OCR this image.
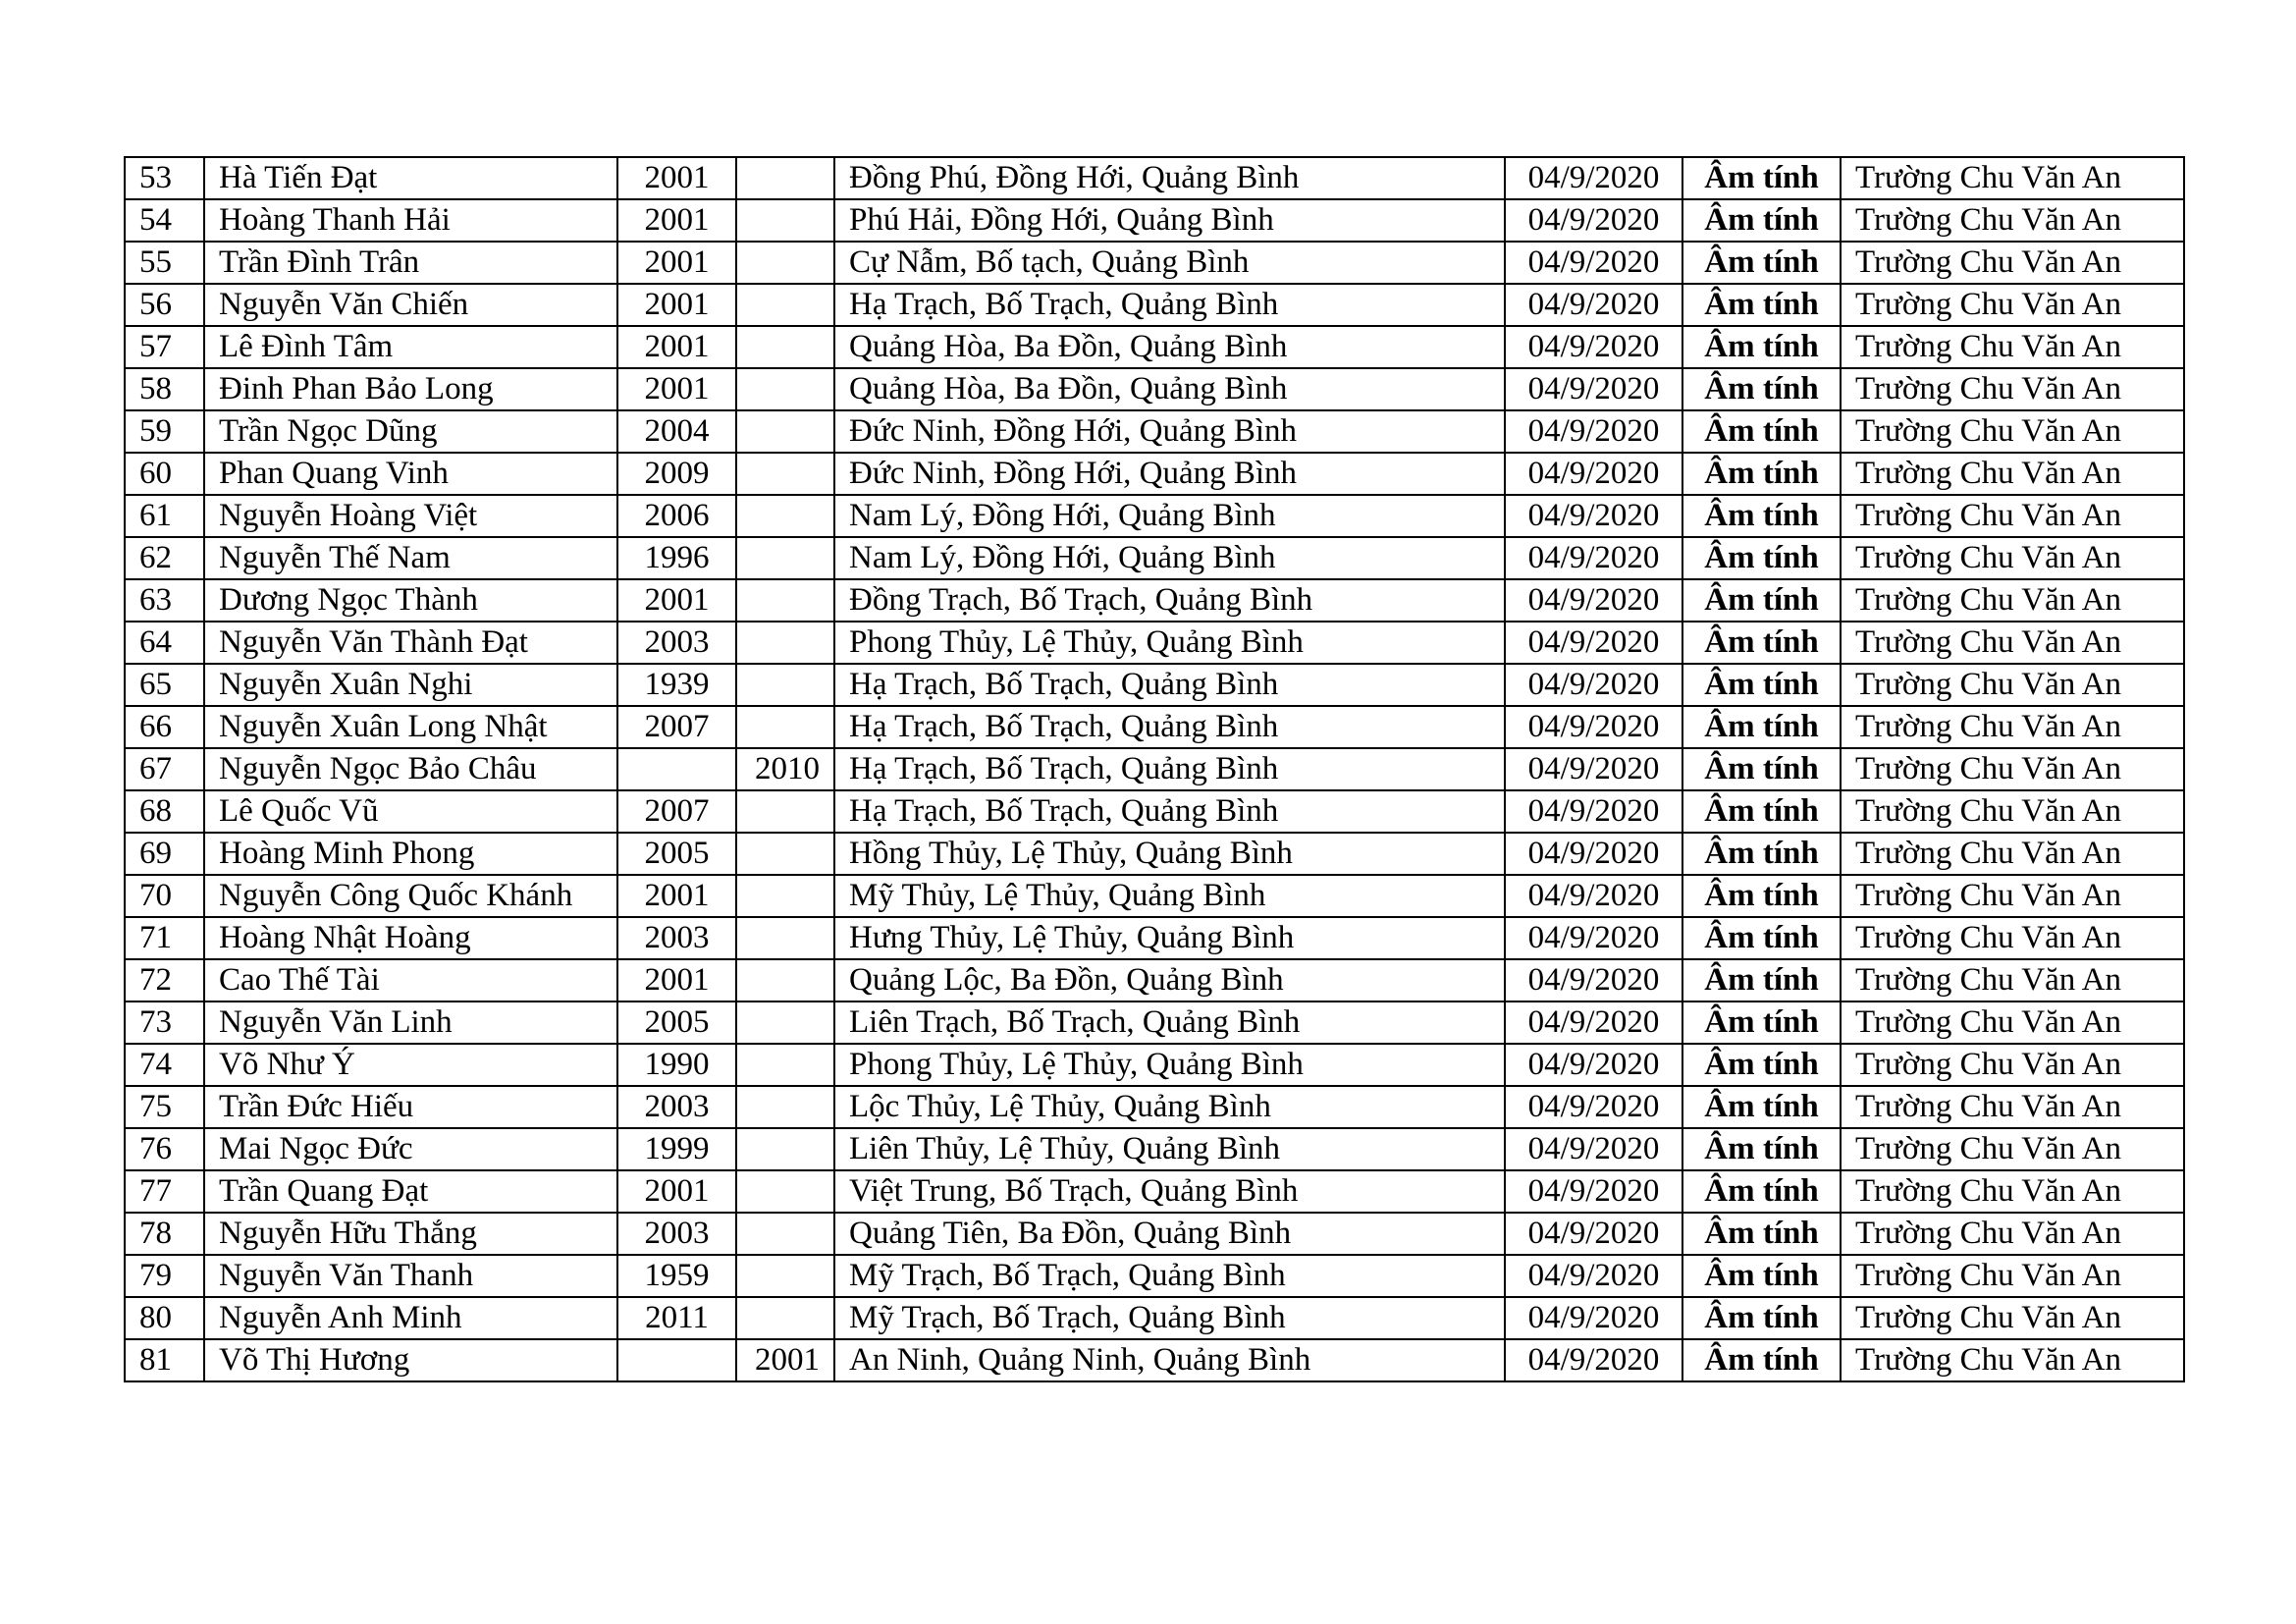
53	Hà Tiến Đạt	2001		Đồng Phú, Đồng Hới, Quảng Bình	04/9/2020	Âm tính	Trường Chu Văn An
54	Hoàng Thanh Hải	2001		Phú Hải, Đồng Hới, Quảng Bình	04/9/2020	Âm tính	Trường Chu Văn An
55	Trần Đình Trân	2001		Cự Nẫm, Bố tạch, Quảng Bình	04/9/2020	Âm tính	Trường Chu Văn An
56	Nguyễn Văn Chiến	2001		Hạ Trạch, Bố Trạch, Quảng Bình	04/9/2020	Âm tính	Trường Chu Văn An
57	Lê Đình Tâm	2001		Quảng Hòa, Ba Đồn, Quảng Bình	04/9/2020	Âm tính	Trường Chu Văn An
58	Đinh Phan Bảo Long	2001		Quảng Hòa, Ba Đồn, Quảng Bình	04/9/2020	Âm tính	Trường Chu Văn An
59	Trần Ngọc Dũng	2004		Đức Ninh, Đồng Hới, Quảng Bình	04/9/2020	Âm tính	Trường Chu Văn An
60	Phan Quang Vinh	2009		Đức Ninh, Đồng Hới, Quảng Bình	04/9/2020	Âm tính	Trường Chu Văn An
61	Nguyễn Hoàng Việt	2006		Nam Lý, Đồng Hới, Quảng Bình	04/9/2020	Âm tính	Trường Chu Văn An
62	Nguyễn Thế Nam	1996		Nam Lý, Đồng Hới, Quảng Bình	04/9/2020	Âm tính	Trường Chu Văn An
63	Dương Ngọc Thành	2001		Đồng Trạch, Bố Trạch, Quảng Bình	04/9/2020	Âm tính	Trường Chu Văn An
64	Nguyễn Văn Thành Đạt	2003		Phong Thủy, Lệ Thủy, Quảng Bình	04/9/2020	Âm tính	Trường Chu Văn An
65	Nguyễn Xuân Nghi	1939		Hạ Trạch, Bố Trạch, Quảng Bình	04/9/2020	Âm tính	Trường Chu Văn An
66	Nguyễn Xuân Long Nhật	2007		Hạ Trạch, Bố Trạch, Quảng Bình	04/9/2020	Âm tính	Trường Chu Văn An
67	Nguyễn Ngọc Bảo Châu		2010	Hạ Trạch, Bố Trạch, Quảng Bình	04/9/2020	Âm tính	Trường Chu Văn An
68	Lê Quốc Vũ	2007		Hạ Trạch, Bố Trạch, Quảng Bình	04/9/2020	Âm tính	Trường Chu Văn An
69	Hoàng Minh Phong	2005		Hồng Thủy, Lệ Thủy, Quảng Bình	04/9/2020	Âm tính	Trường Chu Văn An
70	Nguyễn Công Quốc Khánh	2001		Mỹ Thủy, Lệ Thủy, Quảng Bình	04/9/2020	Âm tính	Trường Chu Văn An
71	Hoàng Nhật Hoàng	2003		Hưng Thủy, Lệ Thủy, Quảng Bình	04/9/2020	Âm tính	Trường Chu Văn An
72	Cao Thế Tài	2001		Quảng Lộc, Ba Đồn, Quảng Bình	04/9/2020	Âm tính	Trường Chu Văn An
73	Nguyễn Văn Linh	2005		Liên Trạch, Bố Trạch, Quảng Bình	04/9/2020	Âm tính	Trường Chu Văn An
74	Võ Như Ý	1990		Phong Thủy, Lệ Thủy, Quảng Bình	04/9/2020	Âm tính	Trường Chu Văn An
75	Trần Đức Hiếu	2003		Lộc Thủy, Lệ Thủy, Quảng Bình	04/9/2020	Âm tính	Trường Chu Văn An
76	Mai Ngọc Đức	1999		Liên Thủy, Lệ Thủy, Quảng Bình	04/9/2020	Âm tính	Trường Chu Văn An
77	Trần Quang Đạt	2001		Việt Trung, Bố Trạch, Quảng Bình	04/9/2020	Âm tính	Trường Chu Văn An
78	Nguyễn Hữu Thắng	2003		Quảng Tiên, Ba Đồn, Quảng Bình	04/9/2020	Âm tính	Trường Chu Văn An
79	Nguyễn Văn Thanh	1959		Mỹ Trạch, Bố Trạch, Quảng Bình	04/9/2020	Âm tính	Trường Chu Văn An
80	Nguyễn Anh Minh	2011		Mỹ Trạch, Bố Trạch, Quảng Bình	04/9/2020	Âm tính	Trường Chu Văn An
81	Võ Thị Hương		2001	An Ninh, Quảng Ninh, Quảng Bình	04/9/2020	Âm tính	Trường Chu Văn An
